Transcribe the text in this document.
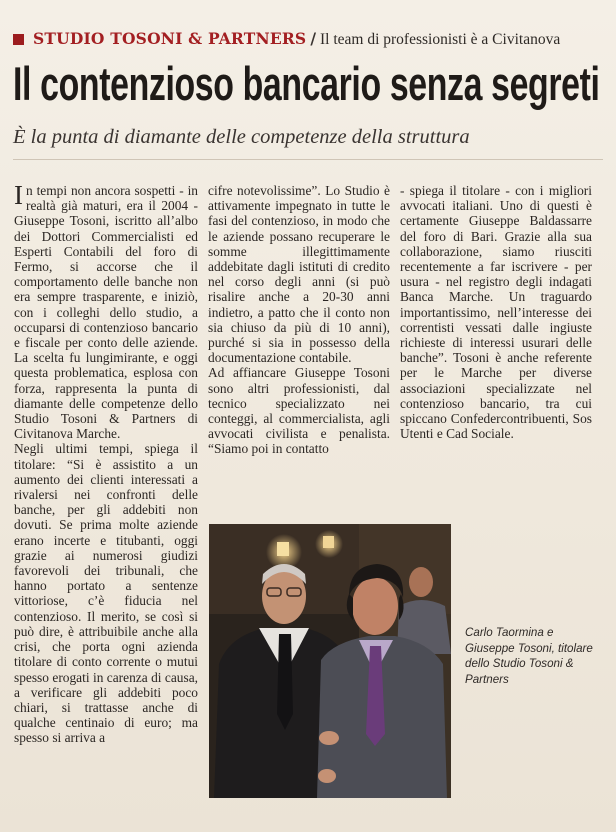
STUDIO TOSONI & PARTNERS / Il team di professionisti è a Civitanova
Il contenzioso bancario senza segreti
È la punta di diamante delle competenze della struttura

In tempi non ancora sospetti - in realtà già maturi, era il 2004 - Giuseppe Tosoni, iscritto all’albo dei Dottori Commercialisti ed Esperti Contabili del foro di Fermo, si accorse che il comportamento delle banche non era sempre trasparente, e iniziò, con i colleghi dello studio, a occuparsi di contenzioso bancario e fiscale per conto delle aziende. La scelta fu lungimirante, e oggi questa problematica, esplosa con forza, rappresenta la punta di diamante delle competenze dello Studio Tosoni & Partners di Civitanova Marche.

Negli ultimi tempi, spiega il titolare: “Si è assistito a un aumento dei clienti interessati a rivalersi nei confronti delle banche, per gli addebiti non dovuti. Se prima molte aziende erano incerte e titubanti, oggi grazie ai numerosi giudizi favorevoli dei tribunali, che hanno portato a sentenze vittoriose, c’è fiducia nel contenzioso. Il merito, se così si può dire, è attribuibile anche alla crisi, che porta ogni azienda titolare di conto corrente o mutui spesso erogati in carenza di causa, a verificare gli addebiti poco chiari, si trattasse anche di qualche centinaio di euro; ma spesso si arriva a

cifre notevolissime”. Lo Studio è attivamente impegnato in tutte le fasi del contenzioso, in modo che le aziende possano recuperare le somme illegittimamente addebitate dagli istituti di credito nel corso degli anni (si può risalire anche a 20-30 anni indietro, a patto che il conto non sia chiuso da più di 10 anni), purché si sia in possesso della documentazione contabile.

Ad affiancare Giuseppe Tosoni sono altri professionisti, dal tecnico specializzato nei conteggi, al commercialista, agli avvocati civilista e penalista. “Siamo poi in contatto

- spiega il titolare - con i migliori avvocati italiani. Uno di questi è certamente Giuseppe Baldassarre del foro di Bari. Grazie alla sua collaborazione, siamo riusciti recentemente a far iscrivere - per usura - nel registro degli indagati Banca Marche. Un traguardo importantissimo, nell’interesse dei correntisti vessati dalle ingiuste richieste di interessi usurari delle banche”. Tosoni è anche referente per le Marche per diverse associazioni specializzate nel contenzioso bancario, tra cui spiccano Confedercontribuenti, Sos Utenti e Cad Sociale.

Carlo Taormina e Giuseppe Tosoni, titolare dello Studio Tosoni & Partners
